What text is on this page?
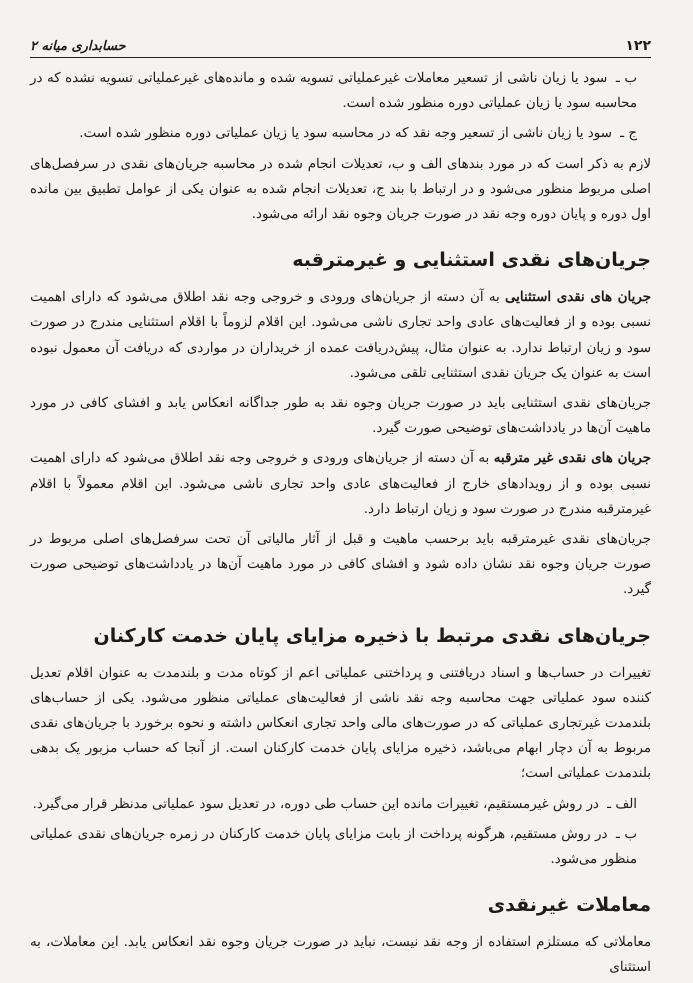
۱۲۲
حسابداری میانه ۲

ب ـ سود یا زیان ناشی از تسعیر معاملات غیرعملیاتی تسویه شده و مانده‌های غیرعملیاتی تسویه نشده که در محاسبه سود یا زیان عملیاتی دوره منظور شده است.

ج ـ سود یا زیان ناشی از تسعیر وجه نقد که در محاسبه سود یا زیان عملیاتی دوره منظور شده است.

لازم به ذکر است که در مورد بندهای الف و ب، تعدیلات انجام شده در محاسبه جریان‌های نقدی در سرفصل‌های اصلی مربوط منظور می‌شود و در ارتباط با بند ج، تعدیلات انجام شده به عنوان یکی از عوامل تطبیق بین مانده اول دوره و پایان دوره وجه نقد در صورت جریان وجوه نقد ارائه می‌شود.

جریان‌های نقدی استثنایی و غیرمترقبه

جریان‌ های نقدی استثنایی به آن دسته از جریان‌های ورودی و خروجی وجه نقد اطلاق می‌شود که دارای اهمیت نسبی بوده و از فعالیت‌های عادی واحد تجاری ناشی می‌شود. این اقلام لزوماً با اقلام استثنایی مندرج در صورت سود و زیان ارتباط ندارد. به عنوان مثال، پیش‌دریافت عمده از خریداران در مواردی که دریافت آن معمول نبوده است به عنوان یک جریان نقدی استثنایی تلقی می‌شود.

جریان‌های نقدی استثنایی باید در صورت جریان وجوه نقد به طور جداگانه انعکاس یابد و افشای کافی در مورد ماهیت آن‌ها در یادداشت‌های توضیحی صورت گیرد.

جریان‌ های نقدی غیر مترقبه به آن دسته از جریان‌های ورودی و خروجی وجه نقد اطلاق می‌شود که دارای اهمیت نسبی بوده و از رویدادهای خارج از فعالیت‌های عادی واحد تجاری ناشی می‌شود. این اقلام معمولاً با اقلام غیرمترقبه مندرج در صورت سود و زیان ارتباط دارد.

جریان‌های نقدی غیرمترقبه باید برحسب ماهیت و قبل از آثار مالیاتی آن تحت سرفصل‌های اصلی مربوط در صورت جریان وجوه نقد نشان داده شود و افشای کافی در مورد ماهیت آن‌ها در یادداشت‌های توضیحی صورت گیرد.

جریان‌های نقدی مرتبط با ذخیره مزایای پایان خدمت کارکنان

تغییرات در حساب‌ها و اسناد دریافتنی و پرداختنی عملیاتی اعم از کوتاه مدت و بلندمدت به عنوان اقلام تعدیل کننده سود عملیاتی جهت محاسبه وجه نقد ناشی از فعالیت‌های عملیاتی منظور می‌شود. یکی از حساب‌های بلندمدت غیرتجاری عملیاتی که در صورت‌های مالی واحد تجاری انعکاس داشته و نحوه برخورد با جریان‌های نقدی مربوط به آن دچار ابهام می‌باشد، ذخیره مزایای پایان خدمت کارکنان است. از آنجا که حساب مزبور یک بدهی بلندمدت عملیاتی است؛

الف ـ در روش غیرمستقیم، تغییرات مانده این حساب طی دوره، در تعدیل سود عملیاتی مدنظر قرار می‌گیرد.

ب ـ در روش مستقیم، هرگونه پرداخت از بابت مزایای پایان خدمت کارکنان در زمره جریان‌های نقدی عملیاتی منظور می‌شود.

معاملات غیرنقدی

معاملاتی که مستلزم استفاده از وجه نقد نیست، نباید در صورت جریان وجوه نقد انعکاس یابد. این معاملات، به استثنای
